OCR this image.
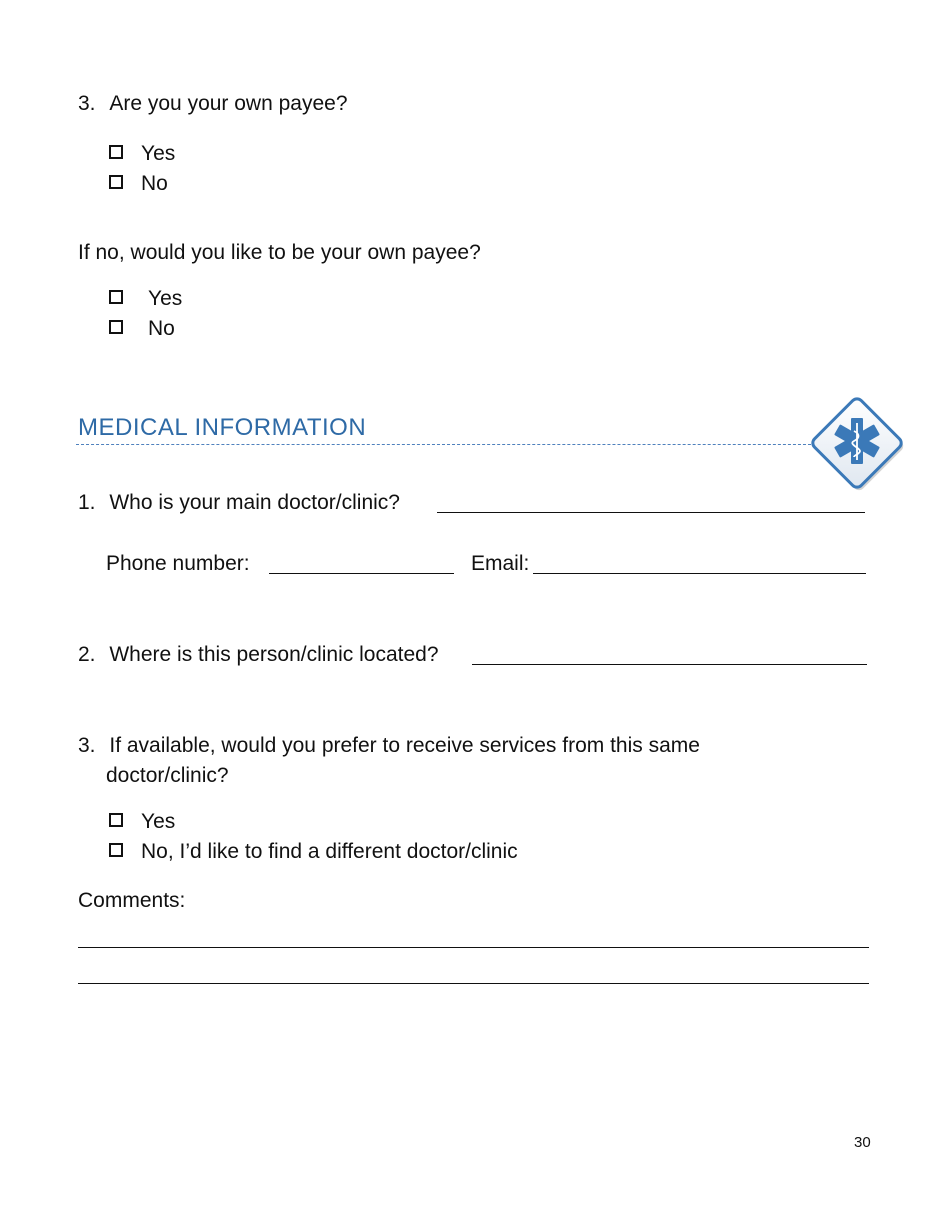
3. Are you your own payee?
Yes
No
If no, would you like to be your own payee?
Yes
No
MEDICAL INFORMATION
1. Who is your main doctor/clinic?
Phone number:	Email:
2. Where is this person/clinic located?
3. If available, would you prefer to receive services from this same
doctor/clinic?
Yes
No, I’d like to find a different doctor/clinic
Comments:
30
